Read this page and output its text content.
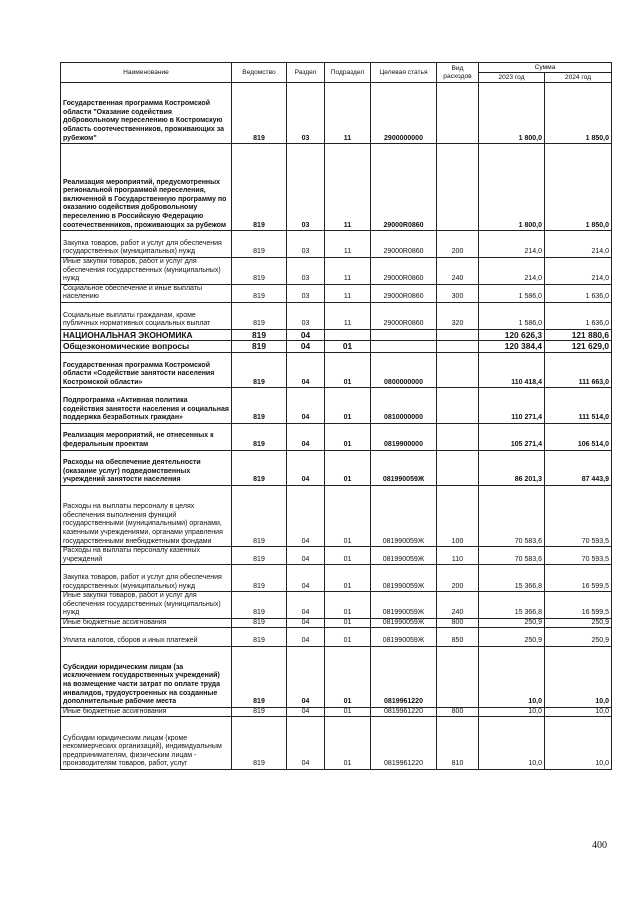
Наименование	Ведомство	Раздел	Подраздел	Целевая статья	Вид расходов	Сумма	
						2023 год	2024 год
Государственная программа Костромской области "Оказание содействия добровольному переселению в Костромскую область соотечественников, проживающих за рубежом"	819	03	11	2900000000		1 800,0	1 850,0
Реализация мероприятий, предусмотренных региональной программой переселения, включенной в Государственную программу по оказанию содействия добровольному переселению в Российскую Федерацию соотечественников, проживающих за рубежом	819	03	11	29000R0860		1 800,0	1 850,0
Закупка товаров, работ и услуг для обеспечения государственных (муниципальных) нужд	819	03	11	29000R0860	200	214,0	214,0
Иные закупки товаров, работ и услуг для обеспечения государственных (муниципальных) нужд	819	03	11	29000R0860	240	214,0	214,0
Социальное обеспечение и иные выплаты населению	819	03	11	29000R0860	300	1 586,0	1 636,0
Социальные выплаты гражданам, кроме публичных нормативных социальных выплат	819	03	11	29000R0860	320	1 586,0	1 636,0
НАЦИОНАЛЬНАЯ ЭКОНОМИКА	819	04				120 626,3	121 880,6
Общеэкономические вопросы	819	04	01			120 384,4	121 629,0
Государственная программа Костромской области «Содействие занятости населения Костромской области»	819	04	01	0800000000		110 418,4	111 663,0
Подпрограмма «Активная политика содействия занятости населения и социальная поддержка безработных граждан»	819	04	01	0810000000		110 271,4	111 514,0
Реализация мероприятий, не отнесенных к федеральным проектам	819	04	01	0819900000		105 271,4	106 514,0
Расходы на обеспечение деятельности (оказание услуг) подведомственных учреждений занятости населения	819	04	01	081990059Ж		86 201,3	87 443,9
Расходы на выплаты персоналу в целях обеспечения выполнения функций государственными (муниципальными) органами, казенными учреждениями, органами управления государственными внебюджетными фондами	819	04	01	081990059Ж	100	70 583,6	70 593,5
Расходы на выплаты персоналу казенных учреждений	819	04	01	081990059Ж	110	70 583,6	70 593,5
Закупка товаров, работ и услуг для обеспечения государственных (муниципальных) нужд	819	04	01	081990059Ж	200	15 366,8	16 599,5
Иные закупки товаров, работ и услуг для обеспечения государственных (муниципальных) нужд	819	04	01	081990059Ж	240	15 366,8	16 599,5
Иные бюджетные ассигнования	819	04	01	081990059Ж	800	250,9	250,9
Уплата налогов, сборов и иных платежей	819	04	01	081990059Ж	850	250,9	250,9
Субсидии юридическим лицам (за исключением государственных учреждений) на возмещение части затрат по оплате труда инвалидов, трудоустроенных на созданные дополнительные рабочие места	819	04	01	0819961220		10,0	10,0
Иные бюджетные ассигнования	819	04	01	0819961220	800	10,0	10,0
Субсидии юридическим лицам (кроме некоммерческих организаций), индивидуальным предпринимателям, физическим лицам - производителям товаров, работ, услуг	819	04	01	0819961220	810	10,0	10,0
400
